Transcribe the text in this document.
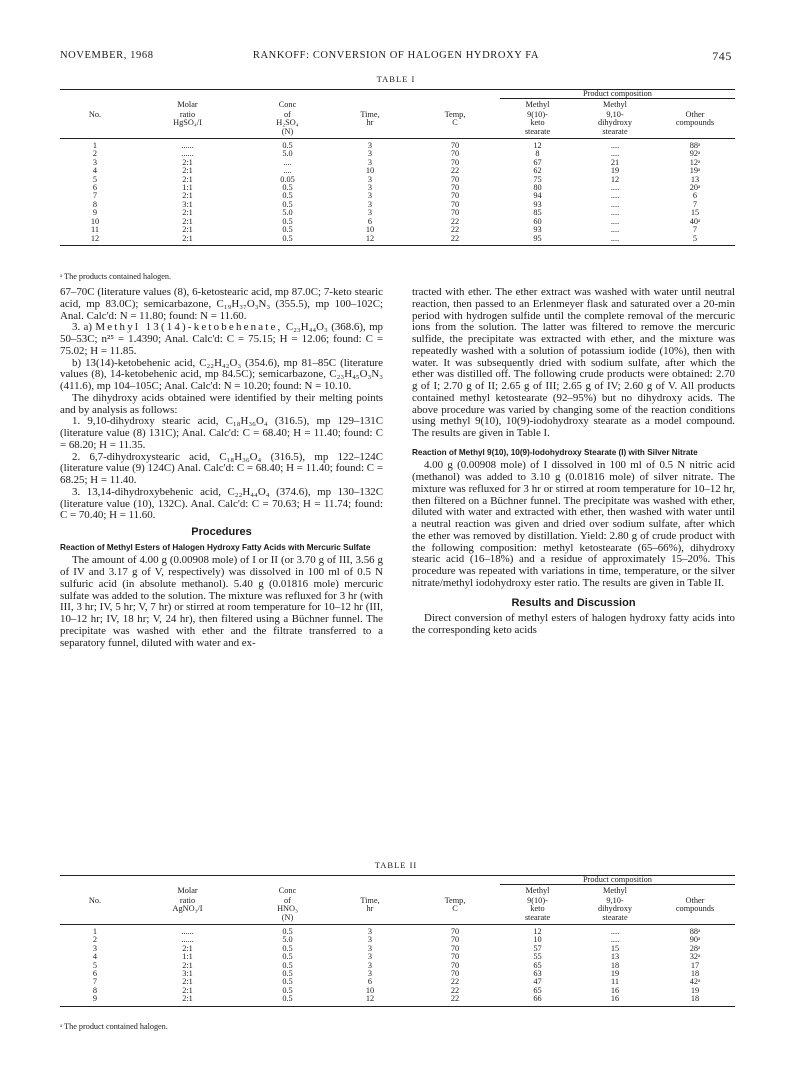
NOVEMBER, 1968	RANKOFF: CONVERSION OF HALOGEN HYDROXY FA	745
TABLE I
					Product composition		
	Molar	Conc			Methyl	Methyl	
No.	ratio	of	Time,	Temp,	9(10)-	9,10-	Other
	HgSO₄/I	H₂SO₄	hr	C	keto	dihydroxy	compounds
		(N)			stearate	stearate	
1	......	0.5	3	70	12	....	88ᵃ
2	......	5.0	3	70	8	....	92ᵃ
3	2:1	....	3	70	67	21	12ᵃ
4	2:1	....	10	22	62	19	19ᵃ
5	2:1	0.05	3	70	75	12	13
6	1:1	0.5	3	70	80	....	20ᵃ
7	2:1	0.5	3	70	94	....	6
8	3:1	0.5	3	70	93	....	7
9	2:1	5.0	3	70	85	....	15
10	2:1	0.5	6	22	60	....	40ᵃ
11	2:1	0.5	10	22	93	....	7
12	2:1	0.5	12	22	95	....	5
ᵃ The products contained halogen.

67–70C (literature values (8), 6-ketostearic acid, mp 87.0C; 7-keto stearic acid, mp 83.0C); semicarbazone, C₁₉H₃₇O₃N₃ (355.5), mp 100–102C; Anal. Calc'd: N = 11.80; found: N = 11.60.

3. a) Methyl 13(14)-ketobehenate, C₂₃H₄₄O₃ (368.6), mp 50–53C; n²⁵ = 1.4390; Anal. Calc'd: C = 75.15; H = 12.06; found: C = 75.02; H = 11.85.

b) 13(14)-ketobehenic acid, C₂₂H₄₂O₃ (354.6), mp 81–85C (literature values (8), 14-ketobehenic acid, mp 84.5C); semicarbazone, C₂₃H₄₅O₃N₃ (411.6), mp 104–105C; Anal. Calc'd: N = 10.20; found: N = 10.10.

The dihydroxy acids obtained were identified by their melting points and by analysis as follows:

1. 9,10-dihydroxy stearic acid, C₁₈H₃₆O₄ (316.5), mp 129–131C (literature value (8) 131C); Anal. Calc'd: C = 68.40; H = 11.40; found: C = 68.20; H = 11.35.

2. 6,7-dihydroxystearic acid, C₁₈H₃₆O₄ (316.5), mp 122–124C (literature value (9) 124C) Anal. Calc'd: C = 68.40; H = 11.40; found: C = 68.25; H = 11.40.

3. 13,14-dihydroxybehenic acid, C₂₂H₄₄O₄ (374.6), mp 130–132C (literature value (10), 132C). Anal. Calc'd: C = 70.63; H = 11.74; found: C = 70.40; H = 11.60.

Procedures
Reaction of Methyl Esters of Halogen Hydroxy Fatty Acids with Mercuric Sulfate

The amount of 4.00 g (0.00908 mole) of I or II (or 3.70 g of III, 3.56 g of IV and 3.17 g of V, respectively) was dissolved in 100 ml of 0.5 N sulfuric acid (in absolute methanol). 5.40 g (0.01816 mole) mercuric sulfate was added to the solution. The mixture was refluxed for 3 hr (with III, 3 hr; IV, 5 hr; V, 7 hr) or stirred at room temperature for 10–12 hr (III, 10–12 hr; IV, 18 hr; V, 24 hr), then filtered using a Büchner funnel. The precipitate was washed with ether and the filtrate transferred to a separatory funnel, diluted with water and ex-

tracted with ether. The ether extract was washed with water until neutral reaction, then passed to an Erlenmeyer flask and saturated over a 20-min period with hydrogen sulfide until the complete removal of the mercuric ions from the solution. The latter was filtered to remove the mercuric sulfide, the precipitate was extracted with ether, and the mixture was repeatedly washed with a solution of potassium iodide (10%), then with water. It was subsequently dried with sodium sulfate, after which the ether was distilled off. The following crude products were obtained: 2.70 g of I; 2.70 g of II; 2.65 g of III; 2.65 g of IV; 2.60 g of V. All products contained methyl ketostearate (92–95%) but no dihydroxy acids. The above procedure was varied by changing some of the reaction conditions using methyl 9(10), 10(9)-iodohydroxy stearate as a model compound. The results are given in Table I.

Reaction of Methyl 9(10), 10(9)-Iodohydroxy Stearate (I) with Silver Nitrate

4.00 g (0.00908 mole) of I dissolved in 100 ml of 0.5 N nitric acid (methanol) was added to 3.10 g (0.01816 mole) of silver nitrate. The mixture was refluxed for 3 hr or stirred at room temperature for 10–12 hr, then filtered on a Büchner funnel. The precipitate was washed with ether, diluted with water and extracted with ether, then washed with water until a neutral reaction was given and dried over sodium sulfate, after which the ether was removed by distillation. Yield: 2.80 g of crude product with the following composition: methyl ketostearate (65–66%), dihydroxy stearic acid (16–18%) and a residue of approximately 15–20%. This procedure was repeated with variations in time, temperature, or the silver nitrate/methyl iodohydroxy ester ratio. The results are given in Table II.

Results and Discussion

Direct conversion of methyl esters of halogen hydroxy fatty acids into the corresponding keto acids

TABLE II
					Product composition		
	Molar	Conc			Methyl	Methyl	
No.	ratio	of	Time,	Temp,	9(10)-	9,10-	Other
	AgNO₃/I	HNO₃	hr	C	keto	dihydroxy	compounds
		(N)			stearate	stearate	
1	......	0.5	3	70	12	....	88ᵃ
2	......	5.0	3	70	10	....	90ᵃ
3	2:1	0.5	3	70	57	15	28ᵃ
4	1:1	0.5	3	70	55	13	32ᵃ
5	2:1	0.5	3	70	65	18	17
6	3:1	0.5	3	70	63	19	18
7	2:1	0.5	6	22	47	11	42ᵃ
8	2:1	0.5	10	22	65	16	19
9	2:1	0.5	12	22	66	16	18
ᵃ The product contained halogen.
